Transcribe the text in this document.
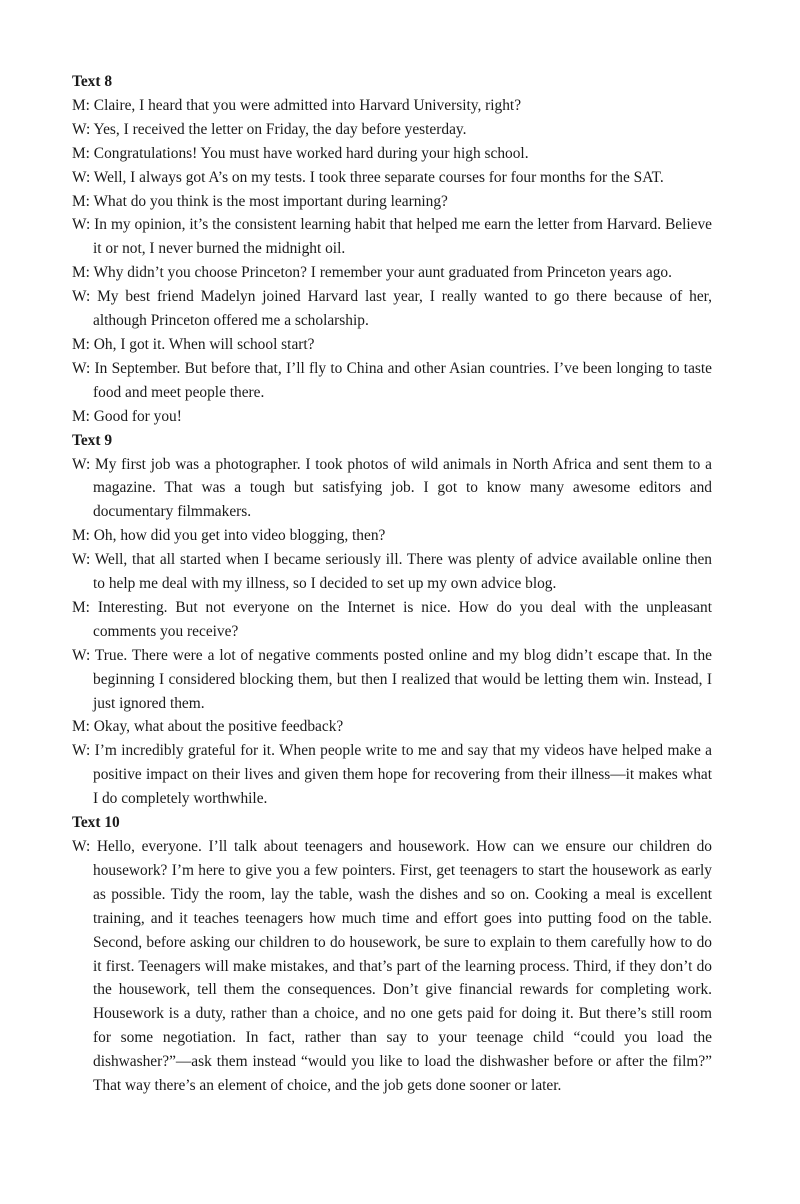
Text 8

M: Claire, I heard that you were admitted into Harvard University, right?

W: Yes, I received the letter on Friday, the day before yesterday.

M: Congratulations! You must have worked hard during your high school.

W: Well, I always got A’s on my tests. I took three separate courses for four months for the SAT.

M: What do you think is the most important during learning?

W: In my opinion, it’s the consistent learning habit that helped me earn the letter from Harvard. Believe it or not, I never burned the midnight oil.

M: Why didn’t you choose Princeton? I remember your aunt graduated from Princeton years ago.

W: My best friend Madelyn joined Harvard last year, I really wanted to go there because of her, although Princeton offered me a scholarship.

M: Oh, I got it. When will school start?

W: In September. But before that, I’ll fly to China and other Asian countries. I’ve been longing to taste food and meet people there.

M: Good for you!

Text 9

W: My first job was a photographer. I took photos of wild animals in North Africa and sent them to a magazine. That was a tough but satisfying job. I got to know many awesome editors and documentary filmmakers.

M: Oh, how did you get into video blogging, then?

W: Well, that all started when I became seriously ill. There was plenty of advice available online then to help me deal with my illness, so I decided to set up my own advice blog.

M: Interesting. But not everyone on the Internet is nice. How do you deal with the unpleasant comments you receive?

W: True. There were a lot of negative comments posted online and my blog didn’t escape that. In the beginning I considered blocking them, but then I realized that would be letting them win. Instead, I just ignored them.

M: Okay, what about the positive feedback?

W: I’m incredibly grateful for it. When people write to me and say that my videos have helped make a positive impact on their lives and given them hope for recovering from their illness—it makes what I do completely worthwhile.

Text 10

W: Hello, everyone. I’ll talk about teenagers and housework. How can we ensure our children do housework? I’m here to give you a few pointers. First, get teenagers to start the housework as early as possible. Tidy the room, lay the table, wash the dishes and so on. Cooking a meal is excellent training, and it teaches teenagers how much time and effort goes into putting food on the table. Second, before asking our children to do housework, be sure to explain to them carefully how to do it first. Teenagers will make mistakes, and that’s part of the learning process. Third, if they don’t do the housework, tell them the consequences. Don’t give financial rewards for completing work. Housework is a duty, rather than a choice, and no one gets paid for doing it. But there’s still room for some negotiation. In fact, rather than say to your teenage child “could you load the dishwasher?”—ask them instead “would you like to load the dishwasher before or after the film?” That way there’s an element of choice, and the job gets done sooner or later.
